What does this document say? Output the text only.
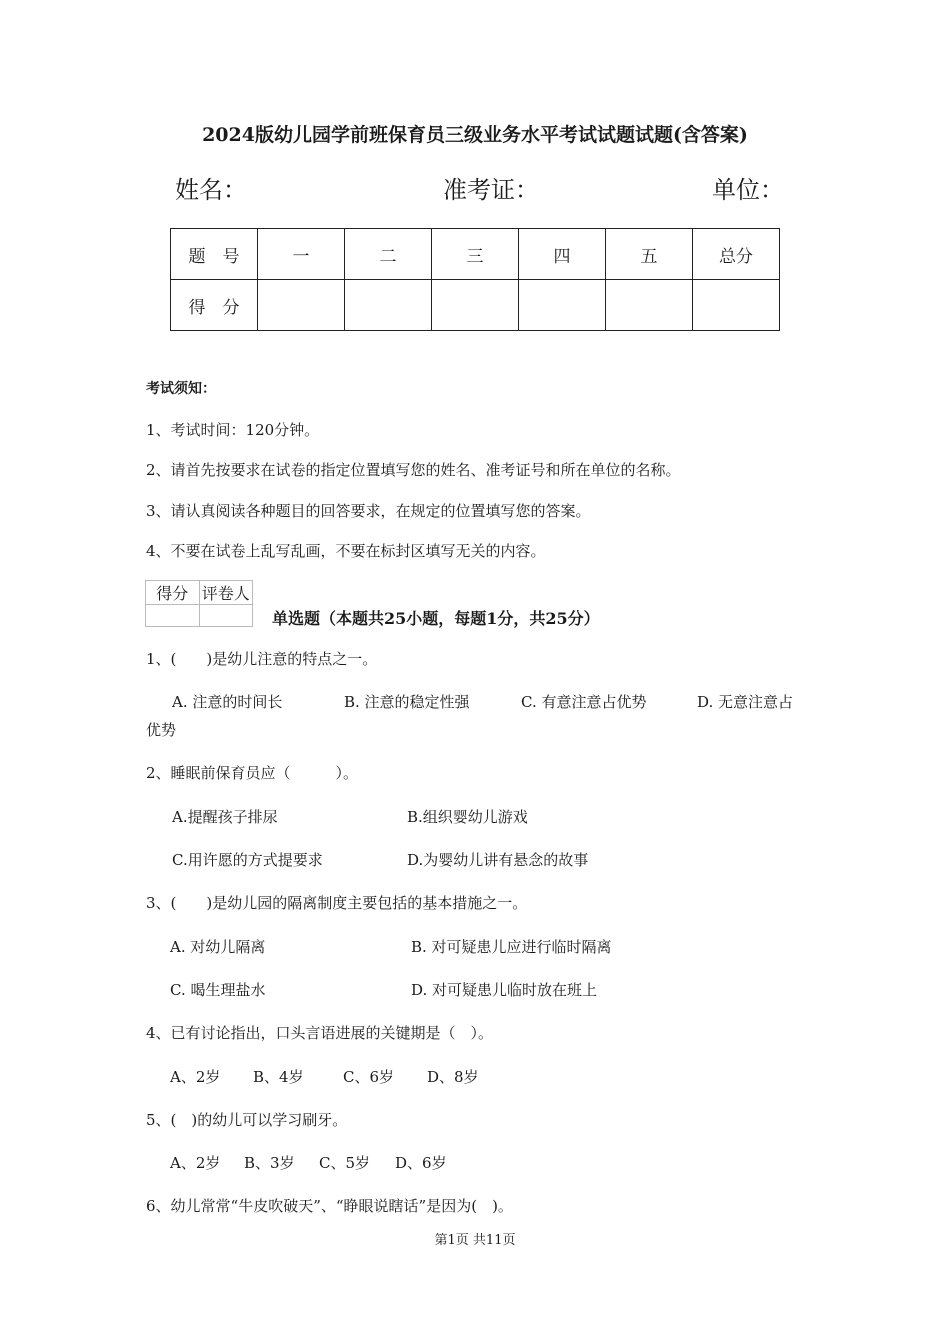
2024版幼儿园学前班保育员三级业务水平考试试题试题(含答案)
姓名：	准考证：	单位：
题　号	一	二	三	四	五	总分
得　分						
考试须知：
1、考试时间：120分钟。
2、请首先按要求在试卷的指定位置填写您的姓名、准考证号和所在单位的名称。
3、请认真阅读各种题目的回答要求，在规定的位置填写您的答案。
4、不要在试卷上乱写乱画，不要在标封区填写无关的内容。
得分	评卷人

单选题（本题共25小题，每题1分，共25分）
1、(　　)是幼儿注意的特点之一。
A. 注意的时间长	B. 注意的稳定性强	C. 有意注意占优势	D. 无意注意占
优势
2、睡眠前保育员应（　　　）。
A.提醒孩子排尿	B.组织婴幼儿游戏
C.用许愿的方式提要求	D.为婴幼儿讲有悬念的故事
3、(　　)是幼儿园的隔离制度主要包括的基本措施之一。
A. 对幼儿隔离	B. 对可疑患儿应进行临时隔离
C. 喝生理盐水	D. 对可疑患儿临时放在班上
4、已有讨论指出，口头言语进展的关键期是（　）。
A、2岁 B、4岁	C、6岁 D、8岁
5、(　)的幼儿可以学习刷牙。
A、2岁 B、3岁 C、5岁 D、6岁
6、幼儿常常“牛皮吹破天”、“睁眼说瞎话”是因为(　)。
第1页 共11页
